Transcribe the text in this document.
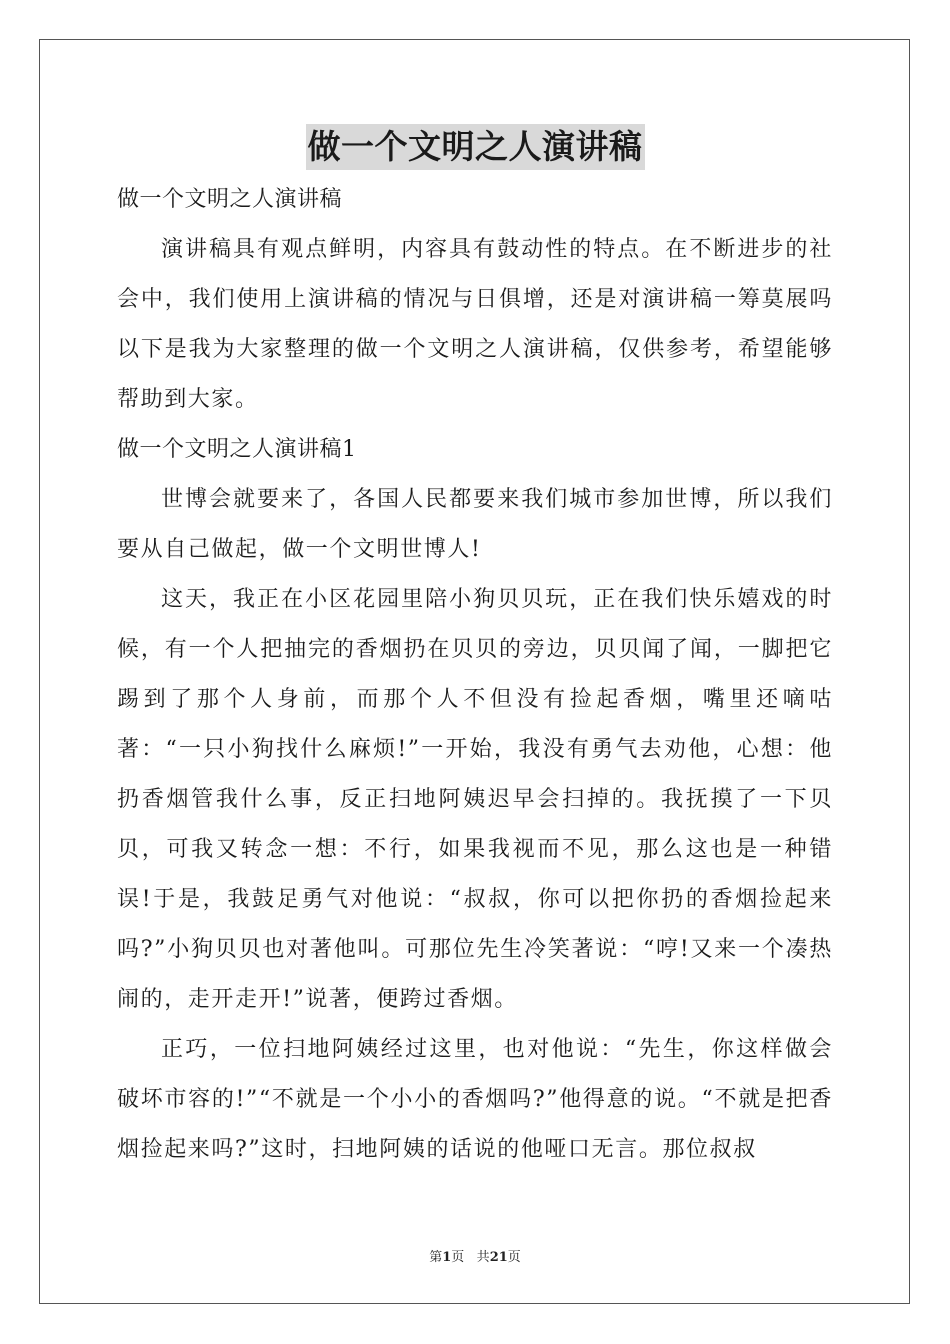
做一个文明之人演讲稿

做一个文明之人演讲稿

演讲稿具有观点鲜明，内容具有鼓动性的特点。在不断进步的社会中，我们使用上演讲稿的情况与日俱增，还是对演讲稿一筹莫展吗以下是我为大家整理的做一个文明之人演讲稿，仅供参考，希望能够帮助到大家。

做一个文明之人演讲稿1

世博会就要来了，各国人民都要来我们城市参加世博，所以我们要从自己做起，做一个文明世博人!

这天，我正在小区花园里陪小狗贝贝玩，正在我们快乐嬉戏的时候，有一个人把抽完的香烟扔在贝贝的旁边，贝贝闻了闻，一脚把它踢到了那个人身前，而那个人不但没有捡起香烟，嘴里还嘀咕著：“一只小狗找什么麻烦!”一开始，我没有勇气去劝他，心想：他扔香烟管我什么事，反正扫地阿姨迟早会扫掉的。我抚摸了一下贝贝，可我又转念一想：不行，如果我视而不见，那么这也是一种错误!于是，我鼓足勇气对他说：“叔叔，你可以把你扔的香烟捡起来吗?”小狗贝贝也对著他叫。可那位先生冷笑著说：“哼!又来一个凑热闹的，走开走开!”说著，便跨过香烟。

正巧，一位扫地阿姨经过这里，也对他说：“先生，你这样做会破坏市容的!”“不就是一个小小的香烟吗?”他得意的说。“不就是把香烟捡起来吗?”这时，扫地阿姨的话说的他哑口无言。那位叔叔

第1页 共21页
